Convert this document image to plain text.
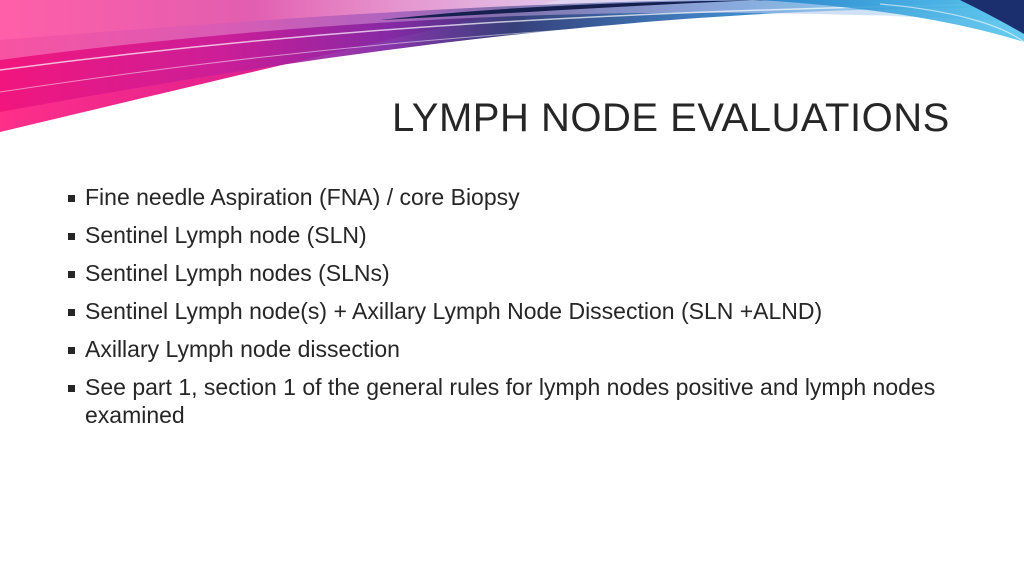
LYMPH NODE EVALUATIONS
Fine needle Aspiration (FNA) / core Biopsy
Sentinel Lymph node (SLN)
Sentinel Lymph nodes (SLNs)
Sentinel Lymph node(s) + Axillary Lymph Node Dissection (SLN +ALND)
Axillary Lymph node dissection
See part 1, section 1 of the general rules for lymph nodes positive and lymph nodes examined
